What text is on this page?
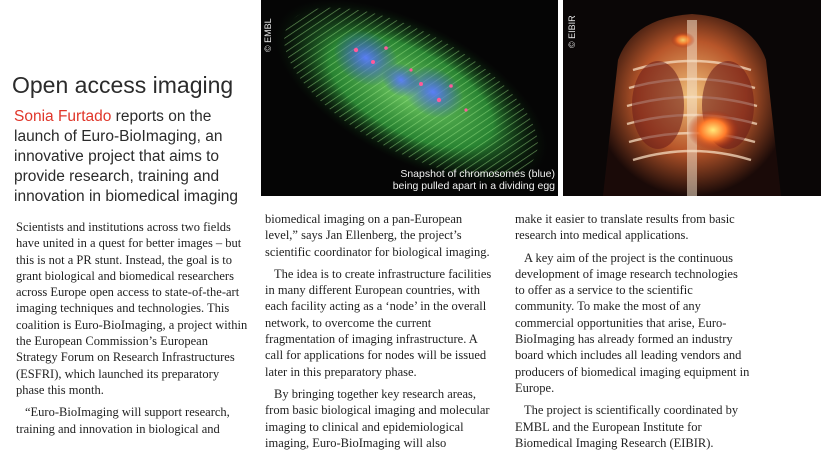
Open access imaging

Sonia Furtado reports on the launch of Euro-BioImaging, an innovative project that aims to provide research, training and innovation in biomedical imaging

© EMBL
Snapshot of chromosomes (blue)
being pulled apart in a dividing egg
© EIBIR

Scientists and institutions across two fields have united in a quest for better images – but this is not a PR stunt. Instead, the goal is to grant biological and biomedical researchers across Europe open access to state-of-the-art imaging techniques and technologies. This coalition is Euro-BioImaging, a project within the European Commission’s European Strategy Forum on Research Infrastructures (ESFRI), which launched its preparatory phase this month.

“Euro-BioImaging will support research, training and innovation in biological and

biomedical imaging on a pan-European level,” says Jan Ellenberg, the project’s scientific coordinator for biological imaging.

The idea is to create infrastructure facilities in many different European countries, with each facility acting as a ‘node’ in the overall network, to overcome the current fragmentation of imaging infrastructure. A call for applications for nodes will be issued later in this preparatory phase.

By bringing together key research areas, from basic biological imaging and molecular imaging to clinical and epidemiological imaging, Euro-BioImaging will also

make it easier to translate results from basic research into medical applications.

A key aim of the project is the continuous development of image research technologies to offer as a service to the scientific community. To make the most of any commercial opportunities that arise, Euro-BioImaging has already formed an industry board which includes all leading vendors and producers of biomedical imaging equipment in Europe.

The project is scientifically coordinated by EMBL and the European Institute for Biomedical Imaging Research (EIBIR).
